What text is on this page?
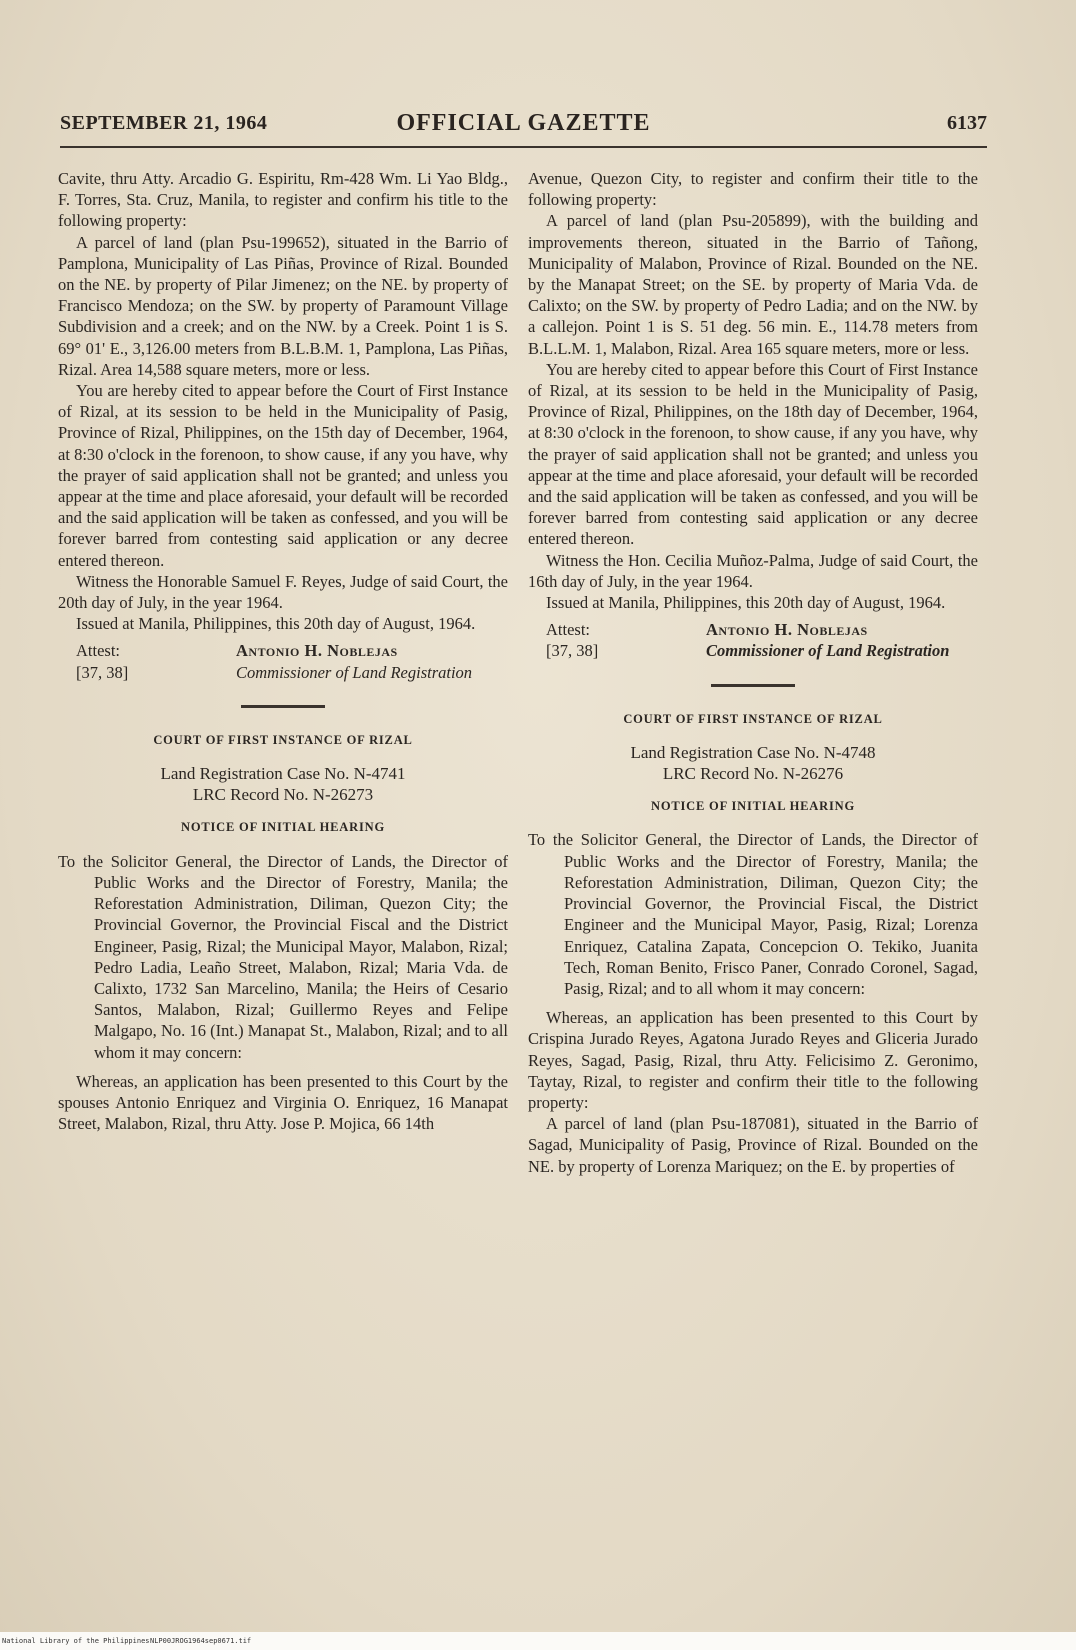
SEPTEMBER 21, 1964	OFFICIAL GAZETTE	6137

Cavite, thru Atty. Arcadio G. Espiritu, Rm-428 Wm. Li Yao Bldg., F. Torres, Sta. Cruz, Manila, to register and confirm his title to the following property:

A parcel of land (plan Psu-199652), situated in the Barrio of Pamplona, Municipality of Las Piñas, Province of Rizal. Bounded on the NE. by property of Pilar Jimenez; on the NE. by property of Francisco Mendoza; on the SW. by property of Paramount Village Subdivision and a creek; and on the NW. by a Creek. Point 1 is S. 69° 01' E., 3,126.00 meters from B.L.B.M. 1, Pamplona, Las Piñas, Rizal. Area 14,588 square meters, more or less.

You are hereby cited to appear before the Court of First Instance of Rizal, at its session to be held in the Municipality of Pasig, Province of Rizal, Philippines, on the 15th day of December, 1964, at 8:30 o'clock in the forenoon, to show cause, if any you have, why the prayer of said application shall not be granted; and unless you appear at the time and place aforesaid, your default will be recorded and the said application will be taken as confessed, and you will be forever barred from contesting said application or any decree entered thereon.

Witness the Honorable Samuel F. Reyes, Judge of said Court, the 20th day of July, in the year 1964.

Issued at Manila, Philippines, this 20th day of August, 1964.

Attest:	Antonio H. Noblejas
[37, 38]	Commissioner of Land Registration
COURT OF FIRST INSTANCE OF RIZAL
Land Registration Case No. N-4741
LRC Record No. N-26273
NOTICE OF INITIAL HEARING

To the Solicitor General, the Director of Lands, the Director of Public Works and the Director of Forestry, Manila; the Reforestation Administration, Diliman, Quezon City; the Provincial Governor, the Provincial Fiscal and the District Engineer, Pasig, Rizal; the Municipal Mayor, Malabon, Rizal; Pedro Ladia, Leaño Street, Malabon, Rizal; Maria Vda. de Calixto, 1732 San Marcelino, Manila; the Heirs of Cesario Santos, Malabon, Rizal; Guillermo Reyes and Felipe Malgapo, No. 16 (Int.) Manapat St., Malabon, Rizal; and to all whom it may concern:

Whereas, an application has been presented to this Court by the spouses Antonio Enriquez and Virginia O. Enriquez, 16 Manapat Street, Malabon, Rizal, thru Atty. Jose P. Mojica, 66 14th

Avenue, Quezon City, to register and confirm their title to the following property:

A parcel of land (plan Psu-205899), with the building and improvements thereon, situated in the Barrio of Tañong, Municipality of Malabon, Province of Rizal. Bounded on the NE. by the Manapat Street; on the SE. by property of Maria Vda. de Calixto; on the SW. by property of Pedro Ladia; and on the NW. by a callejon. Point 1 is S. 51 deg. 56 min. E., 114.78 meters from B.L.L.M. 1, Malabon, Rizal. Area 165 square meters, more or less.

You are hereby cited to appear before this Court of First Instance of Rizal, at its session to be held in the Municipality of Pasig, Province of Rizal, Philippines, on the 18th day of December, 1964, at 8:30 o'clock in the forenoon, to show cause, if any you have, why the prayer of said application shall not be granted; and unless you appear at the time and place aforesaid, your default will be recorded and the said application will be taken as confessed, and you will be forever barred from contesting said application or any decree entered thereon.

Witness the Hon. Cecilia Muñoz-Palma, Judge of said Court, the 16th day of July, in the year 1964.

Issued at Manila, Philippines, this 20th day of August, 1964.

Attest:	Antonio H. Noblejas
[37, 38]	Commissioner of Land Registration
COURT OF FIRST INSTANCE OF RIZAL
Land Registration Case No. N-4748
LRC Record No. N-26276
NOTICE OF INITIAL HEARING

To the Solicitor General, the Director of Lands, the Director of Public Works and the Director of Forestry, Manila; the Reforestation Administration, Diliman, Quezon City; the Provincial Governor, the Provincial Fiscal, the District Engineer and the Municipal Mayor, Pasig, Rizal; Lorenza Enriquez, Catalina Zapata, Concepcion O. Tekiko, Juanita Tech, Roman Benito, Frisco Paner, Conrado Coronel, Sagad, Pasig, Rizal; and to all whom it may concern:

Whereas, an application has been presented to this Court by Crispina Jurado Reyes, Agatona Jurado Reyes and Gliceria Jurado Reyes, Sagad, Pasig, Rizal, thru Atty. Felicisimo Z. Geronimo, Taytay, Rizal, to register and confirm their title to the following property:

A parcel of land (plan Psu-187081), situated in the Barrio of Sagad, Municipality of Pasig, Province of Rizal. Bounded on the NE. by property of Lorenza Mariquez; on the E. by properties of

National Library of the Philippines NLP00JROG1964sep0671.tif
